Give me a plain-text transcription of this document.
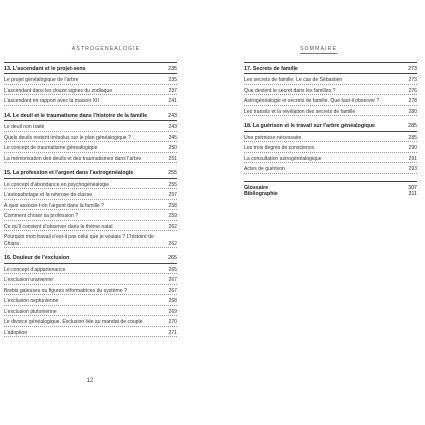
ASTROGÉNÉALOGIE	SOMMAIRE
13. L’ascendant et le projet-sens	235
Le projet généalogique de l’arbre	235
L’ascendant dans les douze signes du zodiaque	237
L’ascendant en rapport avec la maison XII	241
14. Le deuil et le traumatisme dans l’histoire de la famille	243
Le deuil non traité	243
Quels deuils restent irrésolus sur le plan généalogique ?	245
Le concept de traumatisme généalogique	250
La mémorisation des deuils et des traumatismes dans l’arbre	251
15. La profession et l’argent dans l’astrogénéalogie	255
Le concept d’abondance en psychogénéalogie	255
L’autosabotage et la névrose de classe	257
À quoi associe-t-on l’argent dans la famille ?	258
Comment choisir sa profession ?	259
Ce qu’il convient d’observer dans le thème natal	262
Pourquoi mon travail n’est-il pas celui que je voulais ? L’histoire de Chiara	262
16. Douleur de l’exclusion	265
Le concept d’appartenance	265
L’exclusion uranienne	267
Brebis galeuses ou figures réformatrices du système ?	267
L’exclusion neptunienne	268
L’exclusion plutonienne	269
Le divorce généalogique. Exclusion liée au mandat de couple	270
L’adoption	271
17. Secrets de famille	273
Les secrets de famille. Le cas de Sébastien	273
Que devient le secret dans les familles ?	276
Astrogénéalogie et secrets de famille. Que faut-il observer ?	278
Les transits et la révélation des secrets de famille	280
18. La guérison et le travail sur l’arbre généalogique	285
Une prémisse nécessaire	285
Les trois degrés de conscience	290
La consultation astrogénéalogique	291
Actes de guérison	293
Glossaire	307
Bibliographie	311
12
